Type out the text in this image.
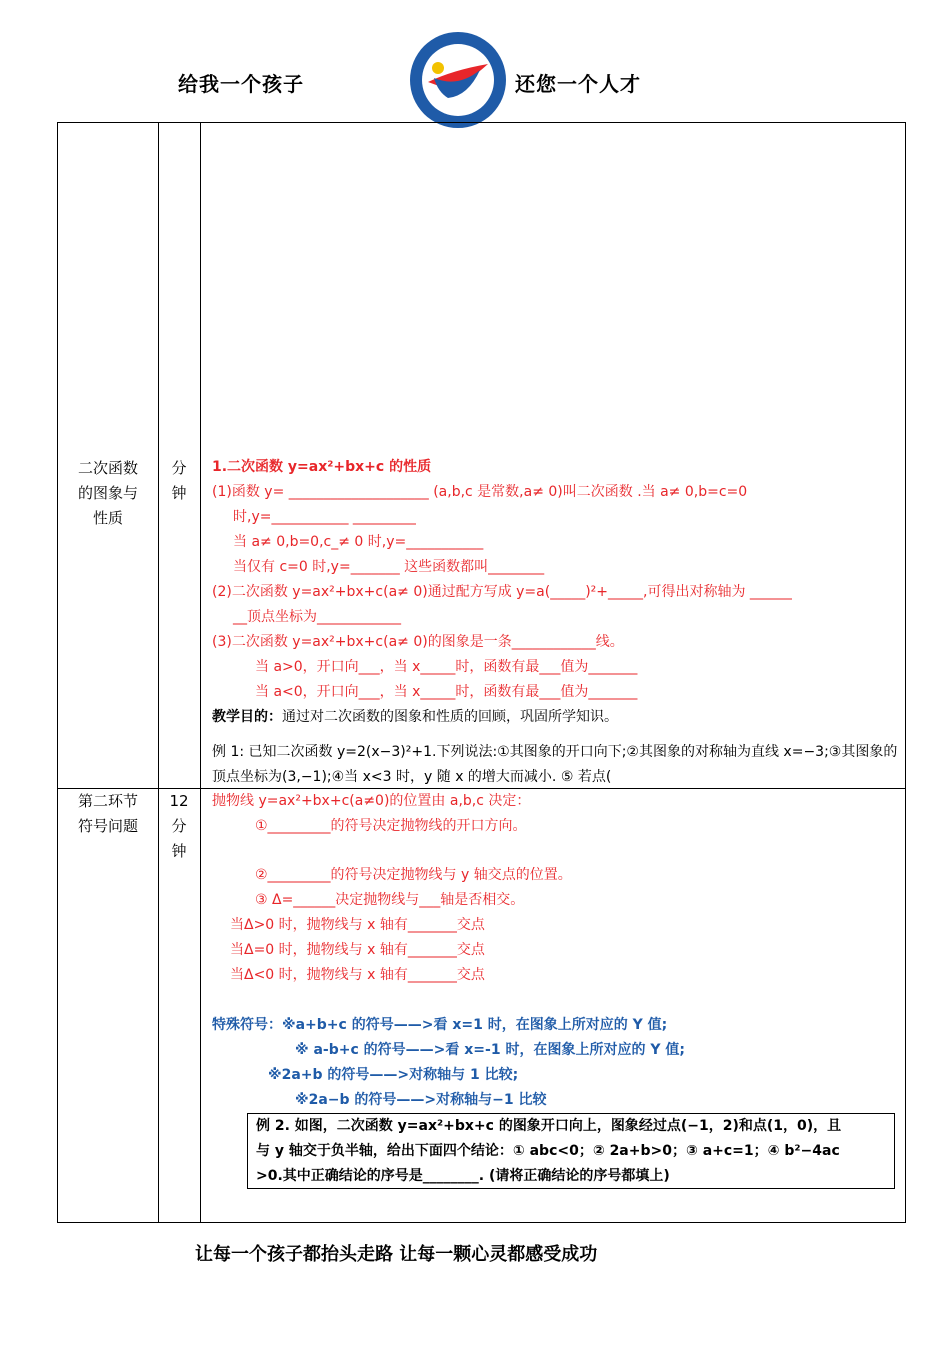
给我一个孩子	还您一个人才
二次函数
的图象与
性质
分
钟
1.二次函数 y=ax²+bx+c 的性质
(1)函数 y= ____________________ (a,b,c 是常数,a≠ 0)叫二次函数 .当 a≠ 0,b=c=0
时,y=___________ _________
当 a≠ 0,b=0,c_≠ 0 时,y=___________
当仅有 c=0 时,y=_______ 这些函数都叫________
(2)二次函数 y=ax²+bx+c(a≠ 0)通过配方写成 y=a(_____)²+_____,可得出对称轴为 ______
__顶点坐标为____________
(3)二次函数 y=ax²+bx+c(a≠ 0)的图象是一条____________线。
当 a>0，开口向___，当 x_____时，函数有最___值为_______
当 a<0，开口向___，当 x_____时，函数有最___值为_______
教学目的：通过对二次函数的图象和性质的回顾，巩固所学知识。
例 1: 已知二次函数 y=2(x−3)²+1.下列说法:①其图象的开口向下;②其图象的对称轴为直线 x=−3;③其图象的顶点坐标为(3,−1);④当 x<3 时，y 随 x 的增大而减小. ⑤ 若点(
第二环节
符号问题
12
分
钟
抛物线 y=ax²+bx+c(a≠0)的位置由 a,b,c 决定：
①_________的符号决定抛物线的开口方向。
②_________的符号决定抛物线与 y 轴交点的位置。
③ Δ=______决定抛物线与___轴是否相交。
当Δ>0 时，抛物线与 x 轴有_______交点
当Δ=0 时，抛物线与 x 轴有_______交点
当Δ<0 时，抛物线与 x 轴有_______交点
特殊符号：※a+b+c 的符号——>看 x=1 时，在图象上所对应的 Y 值;
※ a-b+c 的符号——>看 x=-1 时，在图象上所对应的 Y 值;
※2a+b 的符号——>对称轴与 1 比较;
※2a−b 的符号——>对称轴与−1 比较
例 2. 如图，二次函数 y=ax²+bx+c 的图象开口向上，图象经过点(−1，2)和点(1，0)，且
与 y 轴交于负半轴，给出下面四个结论：① abc<0；② 2a+b>0；③ a+c=1；④ b²−4ac
>0.其中正确结论的序号是________. (请将正确结论的序号都填上)
让每一个孩子都抬头走路 让每一颗心灵都感受成功
